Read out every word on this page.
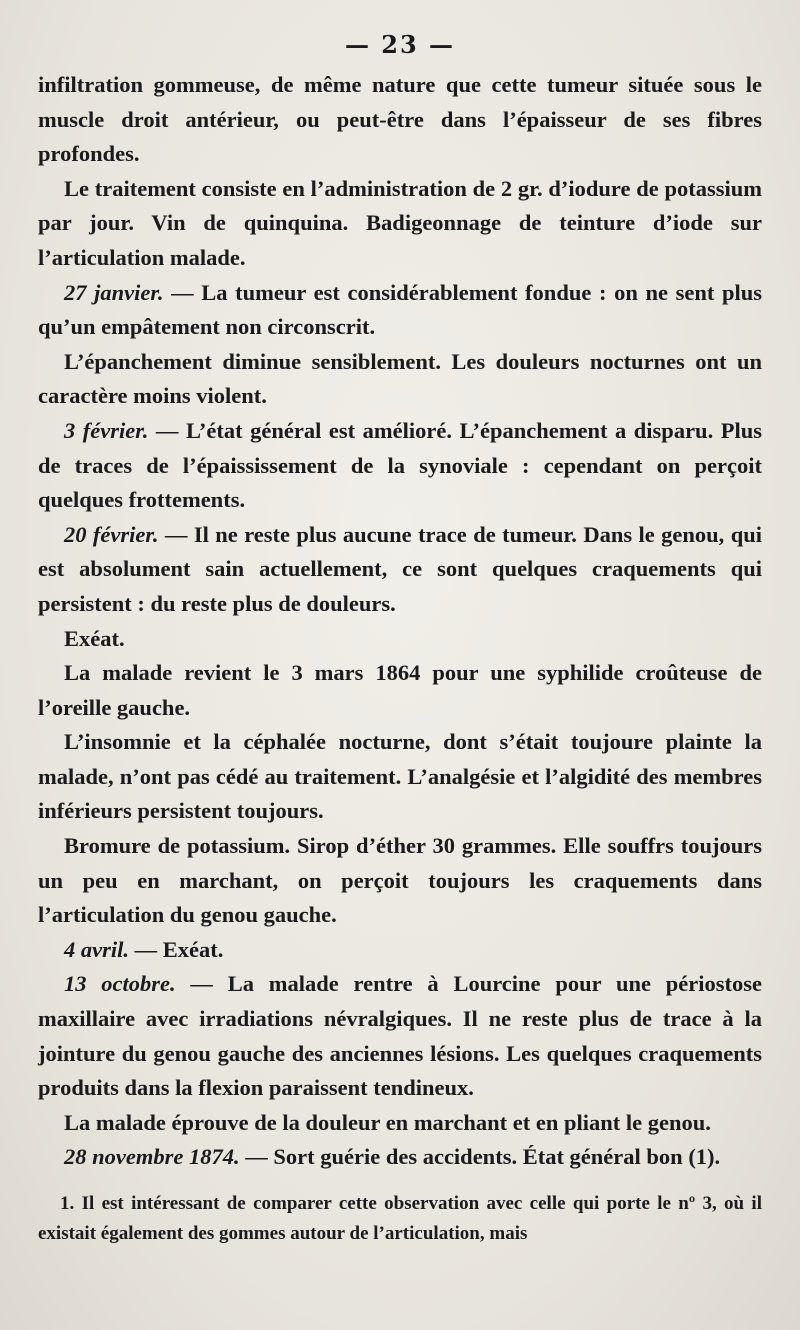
— 23 —

infiltration gommeuse, de même nature que cette tumeur située sous le muscle droit antérieur, ou peut-être dans l’épaisseur de ses fibres profondes.

Le traitement consiste en l’administration de 2 gr. d’iodure de potassium par jour. Vin de quinquina. Badigeonnage de teinture d’iode sur l’articulation malade.

27 janvier. — La tumeur est considérablement fondue : on ne sent plus qu’un empâtement non circonscrit.

L’épanchement diminue sensiblement. Les douleurs nocturnes ont un caractère moins violent.

3 février. — L’état général est amélioré. L’épanchement a disparu. Plus de traces de l’épaississement de la synoviale : cependant on perçoit quelques frottements.

20 février. — Il ne reste plus aucune trace de tumeur. Dans le genou, qui est absolument sain actuellement, ce sont quelques craquements qui persistent : du reste plus de douleurs.

Exéat.

La malade revient le 3 mars 1864 pour une syphilide croûteuse de l’oreille gauche.

L’insomnie et la céphalée nocturne, dont s’était toujoure plainte la malade, n’ont pas cédé au traitement. L’analgésie et l’algidité des membres inférieurs persistent toujours.

Bromure de potassium. Sirop d’éther 30 grammes. Elle souffrs toujours un peu en marchant, on perçoit toujours les craquements dans l’articulation du genou gauche.

4 avril. — Exéat.

13 octobre. — La malade rentre à Lourcine pour une périostose maxillaire avec irradiations névralgiques. Il ne reste plus de trace à la jointure du genou gauche des anciennes lésions. Les quelques craquements produits dans la flexion paraissent tendineux.

La malade éprouve de la douleur en marchant et en pliant le genou.

28 novembre 1874. — Sort guérie des accidents. État général bon (1).

1. Il est intéressant de comparer cette observation avec celle qui porte le nº 3, où il existait également des gommes autour de l’articulation, mais
